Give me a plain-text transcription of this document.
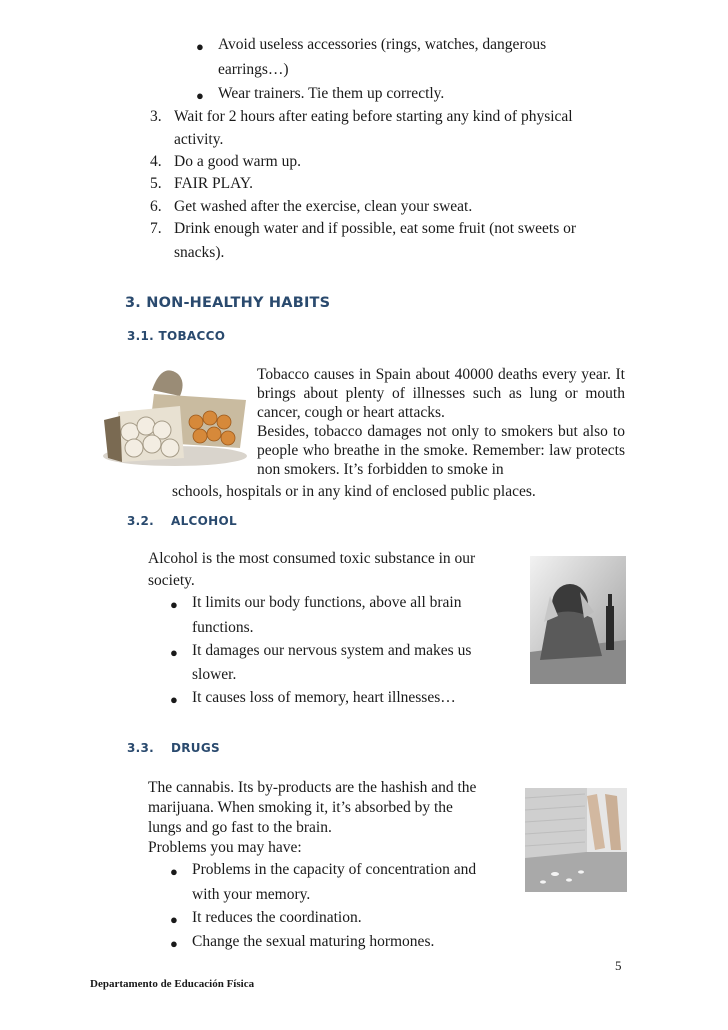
● Avoid useless accessories (rings, watches, dangerous
earrings…)
● Wear trainers. Tie them up correctly.
3. Wait for 2 hours after eating before starting any kind of physical
activity.
4. Do a good warm up.
5. FAIR PLAY.
6. Get washed after the exercise, clean your sweat.
7. Drink enough water and if possible, eat some fruit (not sweets or
snacks).
3. NON-HEALTHY HABITS
3.1. TOBACCO
Tobacco causes in Spain about 40000 deaths every year. It brings about plenty of illnesses such as lung or mouth cancer, cough or heart attacks.
Besides, tobacco damages not only to smokers but also to people who breathe in the smoke. Remember: law protects non smokers. It’s forbidden to smoke in
schools, hospitals or in any kind of enclosed public places.
3.2. ALCOHOL
Alcohol is the most consumed toxic substance in our
society.
● It limits our body functions, above all brain
functions.
● It damages our nervous system and makes us
slower.
● It causes loss of memory, heart illnesses…
3.3. DRUGS
The cannabis. Its by-products are the hashish and the
marijuana. When smoking it, it’s absorbed by the
lungs and go fast to the brain.
Problems you may have:
● Problems in the capacity of concentration and
with your memory.
● It reduces the coordination.
● Change the sexual maturing hormones.
5
Departamento de Educación Física
